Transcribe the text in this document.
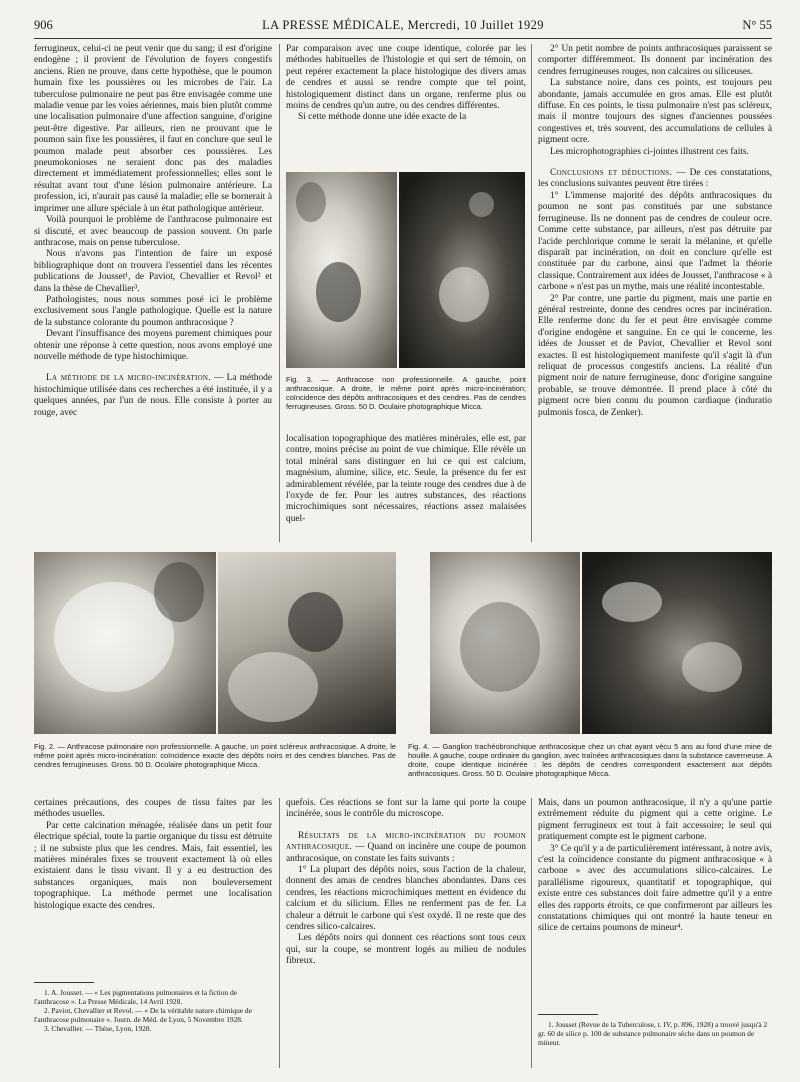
906	LA PRESSE MÉDICALE, Mercredi, 10 Juillet 1929	N° 55

ferrugineux, celui-ci ne peut venir que du sang; il est d'origine endogène ; il provient de l'évolution de foyers congestifs anciens. Rien ne prouve, dans cette hypothèse, que le poumon humain fixe les poussières ou les microbes de l'air. La tuberculose pulmonaire ne peut pas être envisagée comme une maladie venue par les voies aériennes, mais bien plutôt comme une localisation pulmonaire d'une affection sanguine, d'origine peut-être digestive. Par ailleurs, rien ne prouvant que le poumon sain fixe les poussières, il faut en conclure que seul le poumon malade peut absorber ces poussières. Les pneumokonioses ne seraient donc pas des maladies directement et immédiatement professionnelles; elles sont le résultat avant tout d'une lésion pulmonaire antérieure. La profession, ici, n'aurait pas causé la maladie; elle se bornerait à imprimer une allure spéciale à un état pathologique antérieur.

Voilà pourquoi le problème de l'anthracose pulmonaire est si discuté, et avec beaucoup de passion souvent. On parle anthracose, mais on pense tuberculose.

Nous n'avons pas l'intention de faire un exposé bibliographique dont on trouvera l'essentiel dans les récentes publications de Jousset¹, de Paviot, Chevallier et Revol² et dans la thèse de Chevallier³.

Pathologistes, nous nous sommes posé ici le problème exclusivement sous l'angle pathologique. Quelle est la nature de la substance colorante du poumon anthracosique ?

Devant l'insuffisance des moyens purement chimiques pour obtenir une réponse à cette question, nous avons employé une nouvelle méthode de type histochimique.

La méthode de la micro-incinération. — La méthode histochimique utilisée dans ces recherches a été instituée, il y a quelques années, par l'un de nous. Elle consiste à porter au rouge, avec

Par comparaison avec une coupe identique, colorée par les méthodes habituelles de l'histologie et qui sert de témoin, on peut repérer exactement la place histologique des divers amas de cendres et aussi se rendre compte que tel point, histologiquement distinct dans un organe, renferme plus ou moins de cendres qu'un autre, ou des cendres différentes.

Si cette méthode donne une idée exacte de la

Fig. 3. — Anthracose non professionnelle. A gauche, point anthracosique. A droite, le même point après micro-incinération; coïncidence des dépôts anthracosiques et des cendres. Pas de cendres ferrugineuses. Gross. 50 D. Oculaire photographique Micca.

localisation topographique des matières minérales, elle est, par contre, moins précise au point de vue chimique. Elle révèle un total minéral sans distinguer en lui ce qui est calcium, magnésium, alumine, silice, etc. Seule, la présence du fer est admirablement révélée, par la teinte rouge des cendres due à de l'oxyde de fer. Pour les autres substances, des réactions microchimiques sont nécessaires, réactions assez malaisées quel-

2° Un petit nombre de points anthracosiques paraissent se comporter différemment. Ils donnent par incinération des cendres ferrugineuses rouges, non calcaires ou siliceuses.

La substance noire, dans ces points, est toujours peu abondante, jamais accumulée en gros amas. Elle est plutôt diffuse. En ces points, le tissu pulmonaire n'est pas scléreux, mais il montre toujours des signes d'anciennes poussées congestives et, très souvent, des accumulations de cellules à pigment ocre.

Les microphotographies ci-jointes illustrent ces faits.

Conclusions et déductions. — De ces constatations, les conclusions suivantes peuvent être tirées :

1° L'immense majorité des dépôts anthracosiques du poumon ne sont pas constitués par une substance ferrugineuse. Ils ne donnent pas de cendres de couleur ocre. Comme cette substance, par ailleurs, n'est pas détruite par l'acide perchlorique comme le serait la mélanine, et qu'elle disparaît par incinération, on doit en conclure qu'elle est constituée par du carbone, ainsi que l'admet la théorie classique. Contrairement aux idées de Jousset, l'anthracose « à carbone » n'est pas un mythe, mais une réalité incontestable.

2° Par contre, une partie du pigment, mais une partie en général restreinte, donne des cendres ocres par incinération. Elle renferme donc du fer et peut être envisagée comme d'origine endogène et sanguine. En ce qui le concerne, les idées de Jousset et de Paviot, Chevallier et Revol sont exactes. Il est histologiquement manifeste qu'il s'agit là d'un reliquat de processus congestifs anciens. La réalité d'un pigment noir de nature ferrugineuse, donc d'origine sanguine probable, se trouve démontrée. Il prend place à côté du pigment ocre bien connu du poumon cardiaque (induratio pulmonis fosca, de Zenker).

Fig. 2. — Anthracose pulmonaire non professionnelle. A gauche, un point scléreux anthracosique. A droite, le même point après micro-incinération: coïncidence exacte des dépôts noirs et des cendres blanches. Pas de cendres ferrugineuses. Gross. 50 D. Oculaire photographique Micca.
Fig. 4. — Ganglion trachéobronchique anthracosique chez un chat ayant vécu 5 ans au fond d'une mine de houille. A gauche, coupe ordinaire du ganglion, avec traînées anthracosiques dans la substance caverneuse. A droite, coupe identique incinérée : les dépôts de cendres correspondent exactement aux dépôts anthracosiques. Gross. 50 D. Oculaire photographique Micca.

certaines précautions, des coupes de tissu faites par les méthodes usuelles.

Par cette calcination ménagée, réalisée dans un petit four électrique spécial, toute la partie organique du tissu est détruite ; il ne subsiste plus que les cendres. Mais, fait essentiel, les matières minérales fixes se trouvent exactement là où elles existaient dans le tissu vivant. Il y a eu destruction des substances organiques, mais non bouleversement topographique. La méthode permet une localisation histologique exacte des cendres.

quefois. Ces réactions se font sur la lame qui porte la coupe incinérée, sous le contrôle du microscope.

Résultats de la micro-incinération du poumon anthracosique. — Quand on incinère une coupe de poumon anthracosique, on constate les faits suivants :

1° La plupart des dépôts noirs, sous l'action de la chaleur, donnent des amas de cendres blanches abondantes. Dans ces cendres, les réactions microchimiques mettent en évidence du calcium et du silicium. Elles ne renferment pas de fer. La chaleur a détruit le carbone qui s'est oxydé. Il ne reste que des cendres silico-calcaires.

Les dépôts noirs qui donnent ces réactions sont tous ceux qui, sur la coupe, se montrent logés au milieu de nodules fibreux.

Mais, dans un poumon anthracosique, il n'y a qu'une partie extrêmement réduite du pigment qui a cette origine. Le pigment ferrugineux est tout à fait accessoire; le seul qui pratiquement compte est le pigment carbone.

3° Ce qu'il y a de particulièrement intéressant, à notre avis, c'est la coïncidence constante du pigment anthracosique « à carbone » avec des accumulations silico-calcaires. Le parallélisme rigoureux, quantitatif et topographique, qui existe entre ces substances doit faire admettre qu'il y a entre elles des rapports étroits, ce que confirmeront par ailleurs les constatations chimiques qui ont montré la haute teneur en silice de certains poumons de mineur⁴.

1. A. Jousset. — « Les pigmentations pulmonaires et la fiction de l'anthracose ». La Presse Médicale, 14 Avril 1928.
2. Paviot, Chevallier et Revol. — « De la véritable nature chimique de l'anthracose pulmonaire ». Journ. de Méd. de Lyon, 5 Novembre 1928.
3. Chevallier. — Thèse, Lyon, 1928.	1. Jousset (Revue de la Tuberculose, t. IV, p. 896, 1928) a trouvé jusqu'à 2 gr. 60 de silice p. 100 de substance pulmonaire sèche dans un poumon de mineur.
